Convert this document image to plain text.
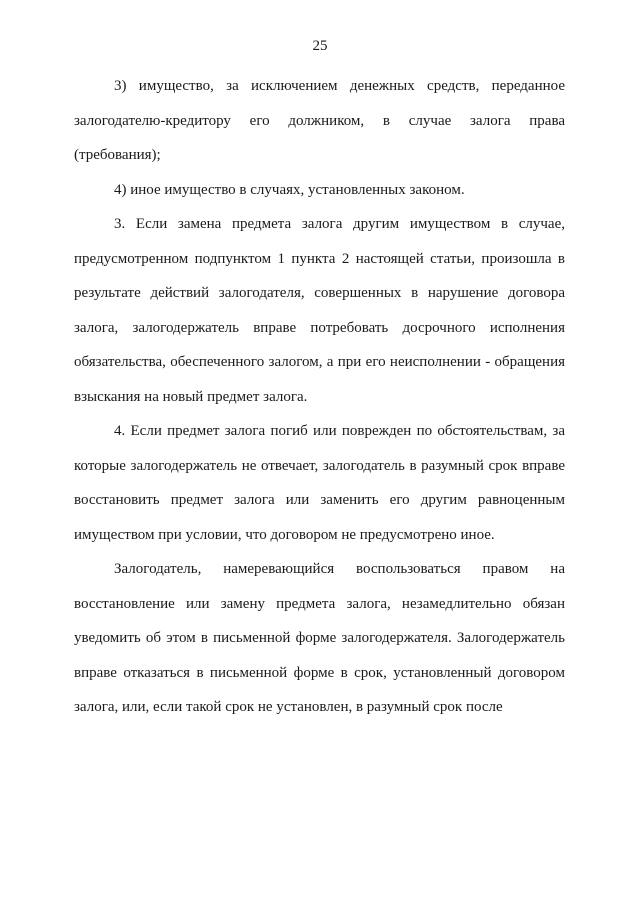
25

3) имущество, за исключением денежных средств, переданное залогодателю-кредитору его должником, в случае залога права (требования);

4) иное имущество в случаях, установленных законом.

3. Если замена предмета залога другим имуществом в случае, предусмотренном подпунктом 1 пункта 2 настоящей статьи, произошла в результате действий залогодателя, совершенных в нарушение договора залога, залогодержатель вправе потребовать досрочного исполнения обязательства, обеспеченного залогом, а при его неисполнении - обращения взыскания на новый предмет залога.

4. Если предмет залога погиб или поврежден по обстоятельствам, за которые залогодержатель не отвечает, залогодатель в разумный срок вправе восстановить предмет залога или заменить его другим равноценным имуществом при условии, что договором не предусмотрено иное.

Залогодатель, намеревающийся воспользоваться правом на восстановление или замену предмета залога, незамедлительно обязан уведомить об этом в письменной форме залогодержателя. Залогодержатель вправе отказаться в письменной форме в срок, установленный договором залога, или, если такой срок не установлен, в разумный срок после
